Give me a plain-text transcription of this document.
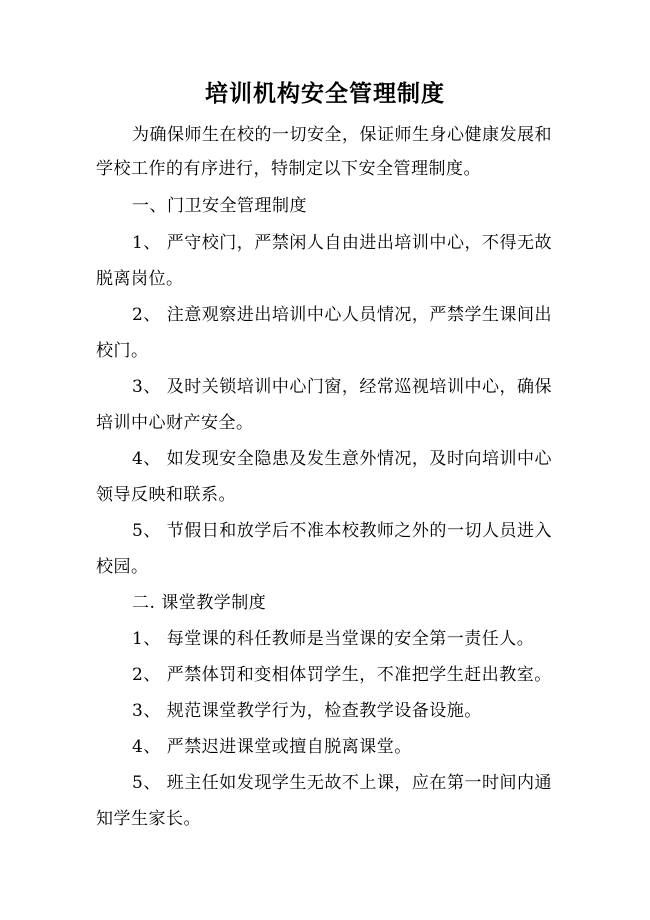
培训机构安全管理制度
为确保师生在校的一切安全，保证师生身心健康发展和
学校工作的有序进行，特制定以下安全管理制度。
一、门卫安全管理制度
1、 严守校门，严禁闲人自由进出培训中心，不得无故
脱离岗位。
2、 注意观察进出培训中心人员情况，严禁学生课间出
校门。
3、 及时关锁培训中心门窗，经常巡视培训中心，确保
培训中心财产安全。
4、 如发现安全隐患及发生意外情况，及时向培训中心
领导反映和联系。
5、 节假日和放学后不准本校教师之外的一切人员进入
校园。
二. 课堂教学制度
1、 每堂课的科任教师是当堂课的安全第一责任人。
2、 严禁体罚和变相体罚学生，不准把学生赶出教室。
3、 规范课堂教学行为，检查教学设备设施。
4、 严禁迟进课堂或擅自脱离课堂。
5、 班主任如发现学生无故不上课，应在第一时间内通
知学生家长。
